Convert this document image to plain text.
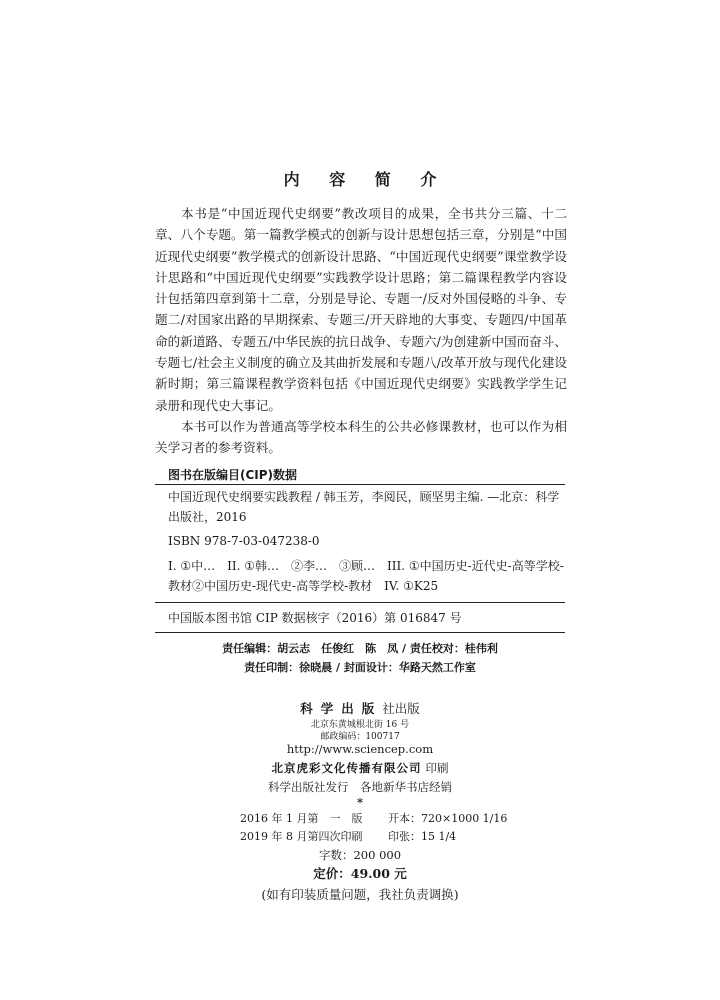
内 容 简 介

本书是“中国近现代史纲要”教改项目的成果，全书共分三篇、十二章、八个专题。第一篇教学模式的创新与设计思想包括三章，分别是“中国近现代史纲要”教学模式的创新设计思路、“中国近现代史纲要”课堂教学设计思路和“中国近现代史纲要”实践教学设计思路；第二篇课程教学内容设计包括第四章到第十二章，分别是导论、专题一/反对外国侵略的斗争、专题二/对国家出路的早期探索、专题三/开天辟地的大事变、专题四/中国革命的新道路、专题五/中华民族的抗日战争、专题六/为创建新中国而奋斗、专题七/社会主义制度的确立及其曲折发展和专题八/改革开放与现代化建设新时期；第三篇课程教学资料包括《中国近现代史纲要》实践教学学生记录册和现代史大事记。

本书可以作为普通高等学校本科生的公共必修课教材，也可以作为相关学习者的参考资料。

图书在版编目(CIP)数据
中国近现代史纲要实践教程 / 韩玉芳，李阅民，顾坚男主编. —北京：科学出版社，2016
ISBN 978-7-03-047238-0
I. ①中…　II. ①韩…　②李…　③顾…　III. ①中国历史-近代史-高等学校-教材②中国历史-现代史-高等学校-教材　IV. ①K25
中国版本图书馆 CIP 数据核字（2016）第 016847 号
责任编辑：胡云志　任俊红　陈　凤 / 责任校对：桂伟利
责任印制：徐晓晨 / 封面设计：华路天然工作室
科学出版社出版
北京东黄城根北街 16 号
邮政编码：100717
http://www.sciencep.com
北京虎彩文化传播有限公司 印刷
科学出版社发行　各地新华书店经销
*
2016 年 1 月第　一　版 开本：720×1000 1/16
2019 年 8 月第四次印刷 印张：15 1/4
字数：200 000
定价：49.00 元
(如有印装质量问题，我社负责调换)
